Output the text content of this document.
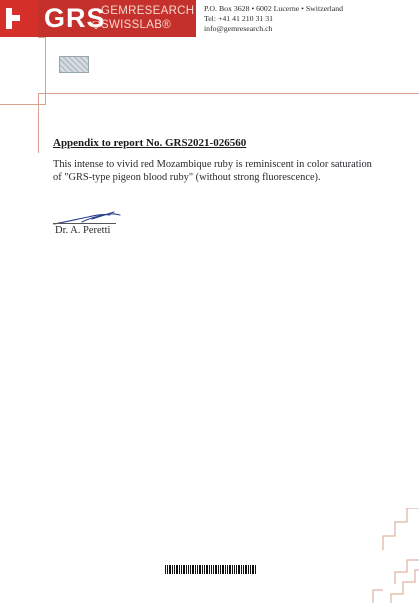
GRS
GEMRESEARCH
SWISSLAB®
P.O. Box 3628 • 6002 Lucerne • Switzerland
Tel: +41 41 210 31 31
info@gemresearch.ch
Appendix to report No. GRS2021-026560
This intense to vivid red Mozambique ruby is reminiscent in color saturation of "GRS-type pigeon blood ruby" (without strong fluorescence).
Dr. A. Peretti
